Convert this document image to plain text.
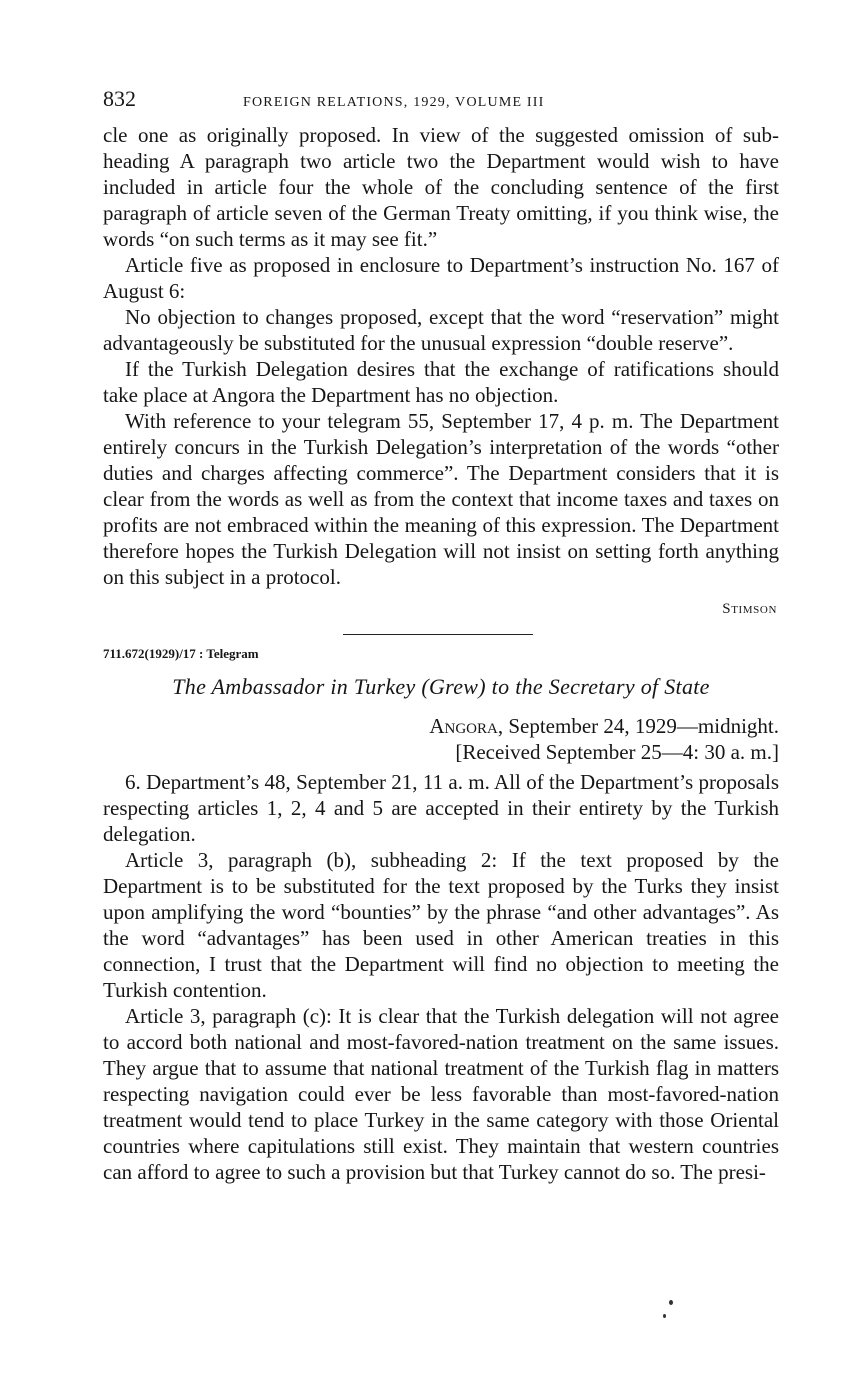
832	FOREIGN RELATIONS, 1929, VOLUME III

cle one as originally proposed. In view of the suggested omission of sub-heading A paragraph two article two the Department would wish to have included in article four the whole of the concluding sentence of the first paragraph of article seven of the German Treaty omitting, if you think wise, the words “on such terms as it may see fit.”

Article five as proposed in enclosure to Department’s instruction No. 167 of August 6:

No objection to changes proposed, except that the word “reservation” might advantageously be substituted for the unusual expression “double reserve”.

If the Turkish Delegation desires that the exchange of ratifications should take place at Angora the Department has no objection.

With reference to your telegram 55, September 17, 4 p. m. The Department entirely concurs in the Turkish Delegation’s interpretation of the words “other duties and charges affecting commerce”. The Department considers that it is clear from the words as well as from the context that income taxes and taxes on profits are not embraced within the meaning of this expression. The Department therefore hopes the Turkish Delegation will not insist on setting forth anything on this subject in a protocol.

Stimson
711.672(1929)/17 : Telegram
The Ambassador in Turkey (Grew) to the Secretary of State
Angora, September 24, 1929—midnight.
[Received September 25—4: 30 a. m.]

6. Department’s 48, September 21, 11 a. m. All of the Department’s proposals respecting articles 1, 2, 4 and 5 are accepted in their entirety by the Turkish delegation.

Article 3, paragraph (b), subheading 2: If the text proposed by the Department is to be substituted for the text proposed by the Turks they insist upon amplifying the word “bounties” by the phrase “and other advantages”. As the word “advantages” has been used in other American treaties in this connection, I trust that the Department will find no objection to meeting the Turkish contention.

Article 3, paragraph (c): It is clear that the Turkish delegation will not agree to accord both national and most-favored-nation treatment on the same issues. They argue that to assume that national treatment of the Turkish flag in matters respecting navigation could ever be less favorable than most-favored-nation treatment would tend to place Turkey in the same category with those Oriental countries where capitulations still exist. They maintain that western countries can afford to agree to such a provision but that Turkey cannot do so. The presi-
